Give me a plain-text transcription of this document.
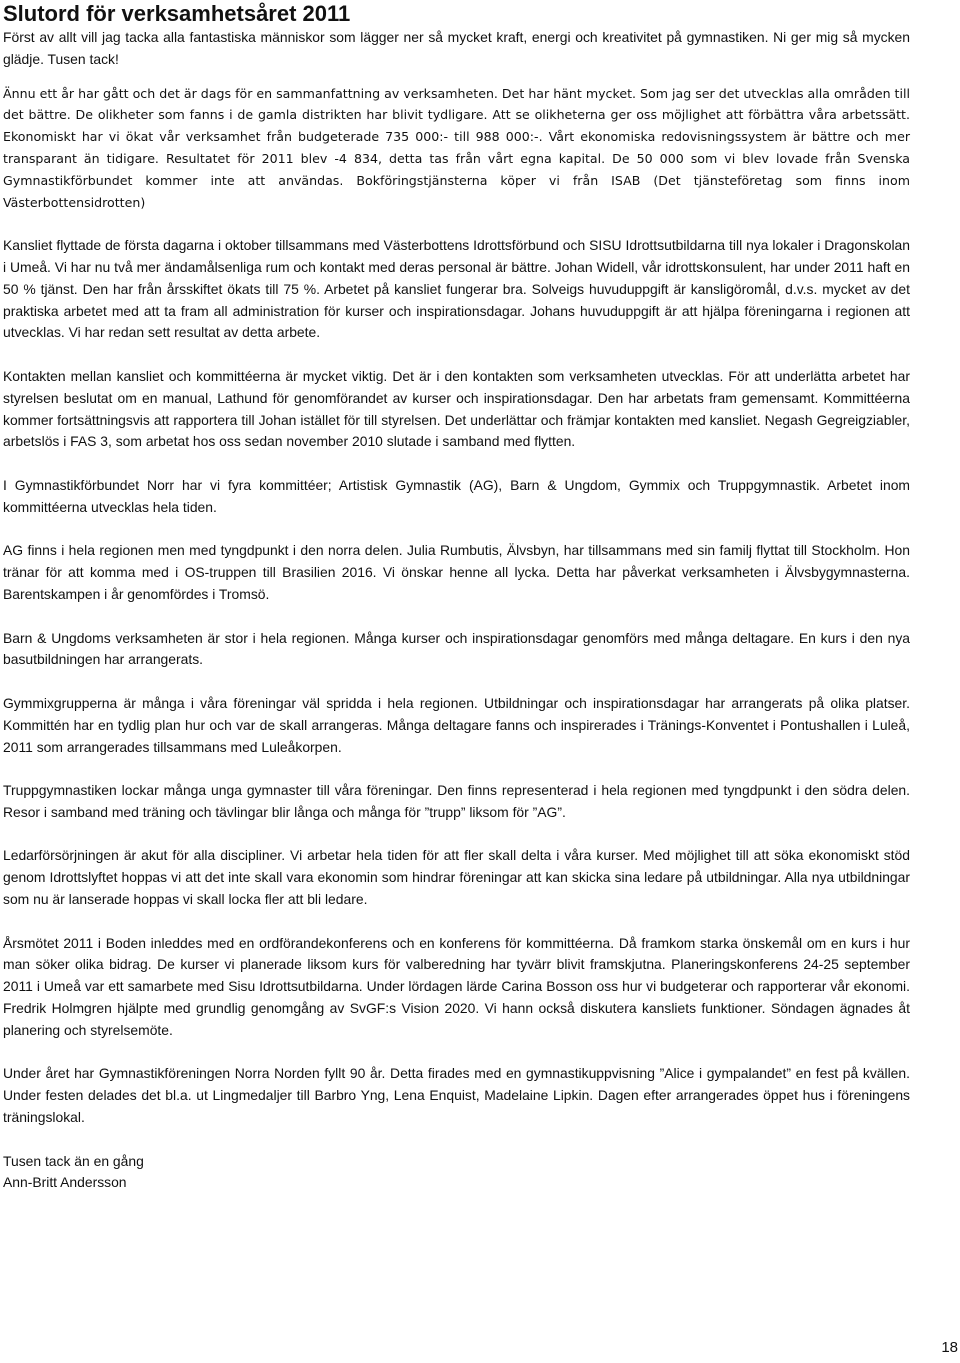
Slutord för verksamhetsåret 2011

Först av allt vill jag tacka alla fantastiska människor som lägger ner så mycket kraft, energi och kreativitet på gymnastiken. Ni ger mig så mycken glädje. Tusen tack!

Ännu ett år har gått och det är dags för en sammanfattning av verksamheten. Det har hänt mycket. Som jag ser det utvecklas alla områden till det bättre. De olikheter som fanns i de gamla distrikten har blivit tydligare. Att se olikheterna ger oss möjlighet att förbättra våra arbetssätt. Ekonomiskt har vi ökat vår verksamhet från budgeterade 735 000:- till 988 000:-. Vårt ekonomiska redovisningssystem är bättre och mer transparant än tidigare. Resultatet för 2011 blev -4 834, detta tas från vårt egna kapital. De 50 000 som vi blev lovade från Svenska Gymnastikförbundet kommer inte att användas. Bokföringstjänsterna köper vi från ISAB (Det tjänsteföretag som finns inom Västerbottensidrotten)

Kansliet flyttade de första dagarna i oktober tillsammans med Västerbottens Idrottsförbund och SISU Idrottsutbildarna till nya lokaler i Dragonskolan i Umeå. Vi har nu två mer ändamålsenliga rum och kontakt med deras personal är bättre. Johan Widell, vår idrottskonsulent, har under 2011 haft en 50 % tjänst. Den har från årsskiftet ökats till 75 %. Arbetet på kansliet fungerar bra. Solveigs huvuduppgift är kansligöromål, d.v.s. mycket av det praktiska arbetet med att ta fram all administration för kurser och inspirationsdagar. Johans huvuduppgift är att hjälpa föreningarna i regionen att utvecklas. Vi har redan sett resultat av detta arbete.

Kontakten mellan kansliet och kommittéerna är mycket viktig. Det är i den kontakten som verksamheten utvecklas. För att underlätta arbetet har styrelsen beslutat om en manual, Lathund för genomförandet av kurser och inspirationsdagar. Den har arbetats fram gemensamt. Kommittéerna kommer fortsättningsvis att rapportera till Johan istället för till styrelsen. Det underlättar och främjar kontakten med kansliet. Negash Gegreigziabler, arbetslös i FAS 3, som arbetat hos oss sedan november 2010 slutade i samband med flytten.

I Gymnastikförbundet Norr har vi fyra kommittéer; Artistisk Gymnastik (AG), Barn & Ungdom, Gymmix och Truppgymnastik. Arbetet inom kommittéerna utvecklas hela tiden.

AG finns i hela regionen men med tyngdpunkt i den norra delen. Julia Rumbutis, Älvsbyn, har tillsammans med sin familj flyttat till Stockholm. Hon tränar för att komma med i OS-truppen till Brasilien 2016. Vi önskar henne all lycka. Detta har påverkat verksamheten i Älvsbygymnasterna. Barentskampen i år genomfördes i Tromsö.

Barn & Ungdoms verksamheten är stor i hela regionen. Många kurser och inspirationsdagar genomförs med många deltagare. En kurs i den nya basutbildningen har arrangerats.

Gymmixgrupperna är många i våra föreningar väl spridda i hela regionen. Utbildningar och inspirationsdagar har arrangerats på olika platser. Kommittén har en tydlig plan hur och var de skall arrangeras. Många deltagare fanns och inspirerades i Tränings-Konventet i Pontushallen i Luleå, 2011 som arrangerades tillsammans med Luleåkorpen.

Truppgymnastiken lockar många unga gymnaster till våra föreningar. Den finns representerad i hela regionen med tyngdpunkt i den södra delen. Resor i samband med träning och tävlingar blir långa och många för ”trupp” liksom för ”AG”.

Ledarförsörjningen är akut för alla discipliner. Vi arbetar hela tiden för att fler skall delta i våra kurser. Med möjlighet till att söka ekonomiskt stöd genom Idrottslyftet hoppas vi att det inte skall vara ekonomin som hindrar föreningar att kan skicka sina ledare på utbildningar. Alla nya utbildningar som nu är lanserade hoppas vi skall locka fler att bli ledare.

Årsmötet 2011 i Boden inleddes med en ordförandekonferens och en konferens för kommittéerna. Då framkom starka önskemål om en kurs i hur man söker olika bidrag. De kurser vi planerade liksom kurs för valberedning har tyvärr blivit framskjutna. Planeringskonferens 24-25 september 2011 i Umeå var ett samarbete med Sisu Idrottsutbildarna. Under lördagen lärde Carina Bosson oss hur vi budgeterar och rapporterar vår ekonomi. Fredrik Holmgren hjälpte med grundlig genomgång av SvGF:s Vision 2020. Vi hann också diskutera kansliets funktioner. Söndagen ägnades åt planering och styrelsemöte.

Under året har Gymnastikföreningen Norra Norden fyllt 90 år. Detta firades med en gymnastikuppvisning ”Alice i gympalandet” en fest på kvällen. Under festen delades det bl.a. ut Lingmedaljer till Barbro Yng, Lena Enquist, Madelaine Lipkin. Dagen efter arrangerades öppet hus i föreningens träningslokal.

Tusen tack än en gång

Ann-Britt Andersson

18
